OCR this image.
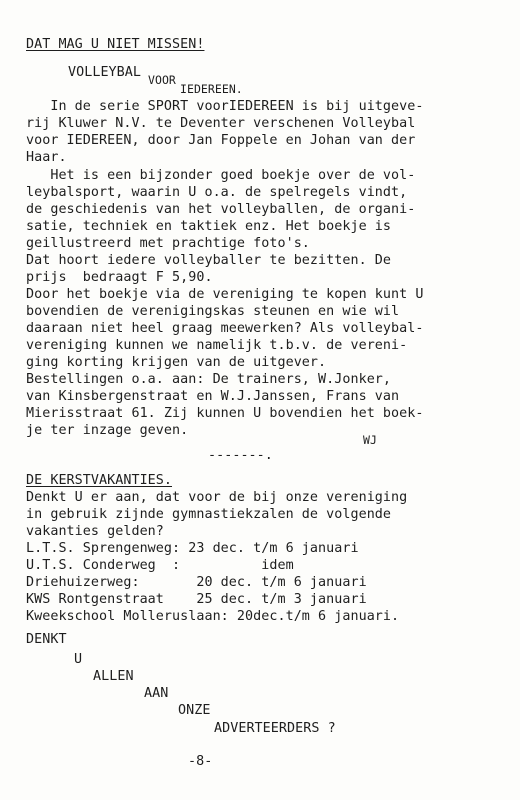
DAT MAG U NIET MISSEN!
VOLLEYBAL VOOR
IEDEREEN.
In de serie SPORT voorIEDEREEN is bij uitgeve-
rij Kluwer N.V. te Deventer verschenen Volleybal
voor IEDEREEN, door Jan Foppele en Johan van der
Haar.
Het is een bijzonder goed boekje over de vol-
leybalsport, waarin U o.a. de spelregels vindt,
de geschiedenis van het volleyballen, de organi-
satie, techniek en taktiek enz. Het boekje is
geillustreerd met prachtige foto's.
Dat hoort iedere volleyballer te bezitten. De
prijs  bedraagt F 5,90.
Door het boekje via de vereniging te kopen kunt U
bovendien de verenigingskas steunen en wie wil
daaraan niet heel graag meewerken? Als volleybal-
vereniging kunnen we namelijk t.b.v. de vereni-
ging korting krijgen van de uitgever.
Bestellingen o.a. aan: De trainers, W.Jonker,
van Kinsbergenstraat en W.J.Janssen, Frans van
Mierisstraat 61. Zij kunnen U bovendien het boek-
je ter inzage geven.
WJ
-------.
DE KERSTVAKANTIES.
Denkt U er aan, dat voor de bij onze vereniging
in gebruik zijnde gymnastiekzalen de volgende
vakanties gelden?
L.T.S. Sprengenweg: 23 dec. t/m 6 januari
U.T.S. Conderweg  :          idem
Driehuizerweg:       20 dec. t/m 6 januari
KWS Rontgenstraat    25 dec. t/m 3 januari
Kweekschool Molleruslaan: 20dec.t/m 6 januari.
DENKT
U
ALLEN
AAN
ONZE
ADVERTEERDERS ?
-8-
